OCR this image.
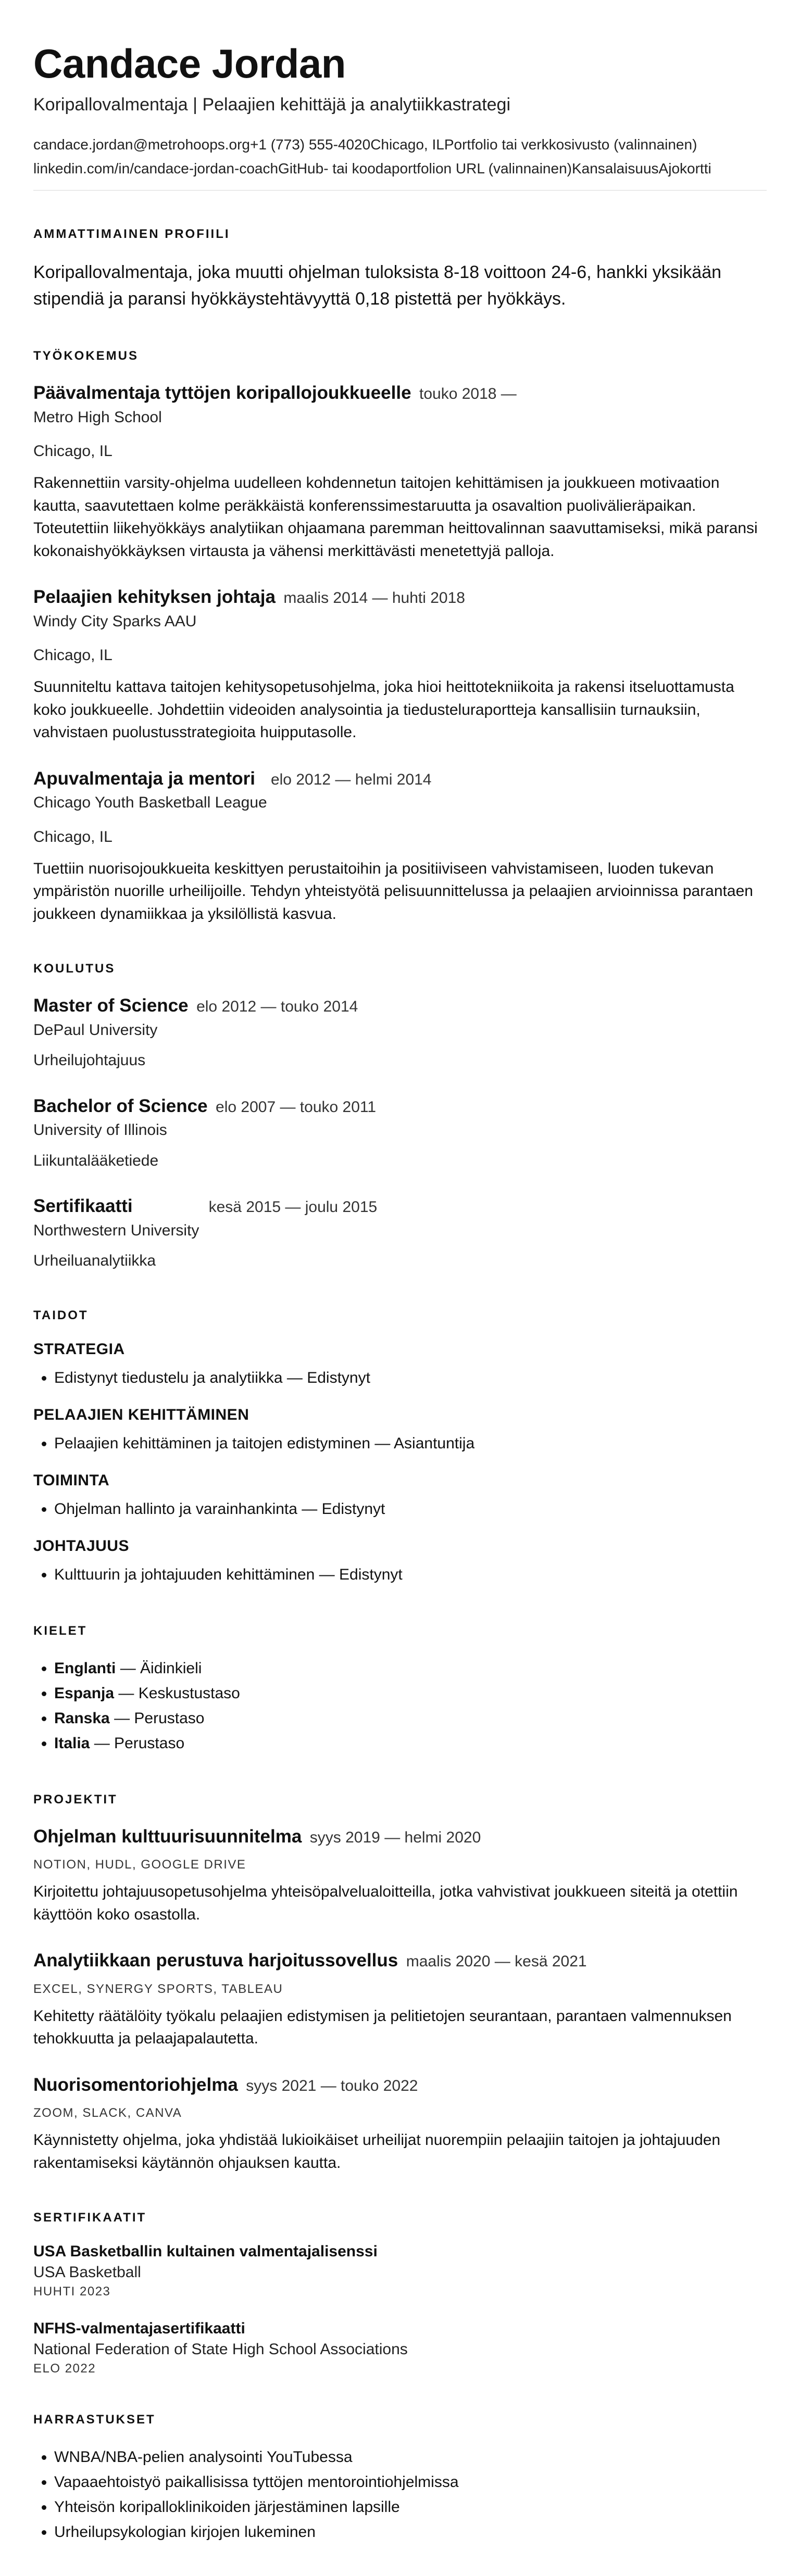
Candace Jordan
Koripallovalmentaja | Pelaajien kehittäjä ja analytiikkastrategi
candace.jordan@metrohoops.org+1 (773) 555-4020Chicago, ILPortfolio tai verkkosivusto (valinnainen)
linkedin.com/in/candace-jordan-coachGitHub- tai koodaportfolion URL (valinnainen)KansalaisuusAjokortti
AMMATTIMAINEN PROFIILI
Koripallovalmentaja, joka muutti ohjelman tuloksista 8-18 voittoon 24-6, hankki yksikään stipendiä ja paransi hyökkäystehtävyyttä 0,18 pistettä per hyökkäys.
TYÖKOKEMUS
Päävalmentaja tyttöjen koripallojoukkueelle touko 2018 —
Metro High School
Chicago, IL
Rakennettiin varsity-ohjelma uudelleen kohdennetun taitojen kehittämisen ja joukkueen motivaation kautta, saavutettaen kolme peräkkäistä konferenssimestaruutta ja osavaltion puolivälieräpaikan. Toteutettiin liikehyökkäys analytiikan ohjaamana paremman heittovalinnan saavuttamiseksi, mikä paransi kokonaishyökkäyksen virtausta ja vähensi merkittävästi menetettyjä palloja.
Pelaajien kehityksen johtaja maalis 2014 — huhti 2018
Windy City Sparks AAU
Chicago, IL
Suunniteltu kattava taitojen kehitysopetusohjelma, joka hioi heittotekniikoita ja rakensi itseluottamusta koko joukkueelle. Johdettiin videoiden analysointia ja tiedusteluraportteja kansallisiin turnauksiin, vahvistaen puolustusstrategioita huipputasolle.
Apuvalmentaja ja mentori elo 2012 — helmi 2014
Chicago Youth Basketball League
Chicago, IL
Tuettiin nuorisojoukkueita keskittyen perustaitoihin ja positiiviseen vahvistamiseen, luoden tukevan ympäristön nuorille urheilijoille. Tehdyn yhteistyötä pelisuunnittelussa ja pelaajien arvioinnissa parantaen joukkeen dynamiikkaa ja yksilöllistä kasvua.
KOULUTUS
Master of Science elo 2012 — touko 2014
DePaul University
Urheilujohtajuus
Bachelor of Science elo 2007 — touko 2011
University of Illinois
Liikuntalääketiede
Sertifikaatti	kesä 2015 — joulu 2015
Northwestern University
Urheiluanalytiikka
TAIDOT
STRATEGIA
• Edistynyt tiedustelu ja analytiikka — Edistynyt
PELAAJIEN KEHITTÄMINEN
• Pelaajien kehittäminen ja taitojen edistyminen — Asiantuntija
TOIMINTA
• Ohjelman hallinto ja varainhankinta — Edistynyt
JOHTAJUUS
• Kulttuurin ja johtajuuden kehittäminen — Edistynyt
KIELET
• Englanti — Äidinkieli
• Espanja — Keskustustaso
• Ranska — Perustaso
• Italia — Perustaso
PROJEKTIT
Ohjelman kulttuurisuunnitelma syys 2019 — helmi 2020
NOTION, HUDL, GOOGLE DRIVE
Kirjoitettu johtajuusopetusohjelma yhteisöpalvelualoitteilla, jotka vahvistivat joukkueen siteitä ja otettiin käyttöön koko osastolla.
Analytiikkaan perustuva harjoitussovellus maalis 2020 — kesä 2021
EXCEL, SYNERGY SPORTS, TABLEAU
Kehitetty räätälöity työkalu pelaajien edistymisen ja pelitietojen seurantaan, parantaen valmennuksen tehokkuutta ja pelaajapalautetta.
Nuorisomentoriohjelma syys 2021 — touko 2022
ZOOM, SLACK, CANVA
Käynnistetty ohjelma, joka yhdistää lukioikäiset urheilijat nuorempiin pelaajiin taitojen ja johtajuuden rakentamiseksi käytännön ohjauksen kautta.
SERTIFIKAATIT
USA Basketballin kultainen valmentajalisenssi
USA Basketball
HUHTI 2023
NFHS-valmentajasertifikaatti
National Federation of State High School Associations
ELO 2022
HARRASTUKSET
• WNBA/NBA-pelien analysointi YouTubessa
• Vapaaehtoistyö paikallisissa tyttöjen mentorointiohjelmissa
• Yhteisön koripalloklinikoiden järjestäminen lapsille
• Urheilupsykologian kirjojen lukeminen
